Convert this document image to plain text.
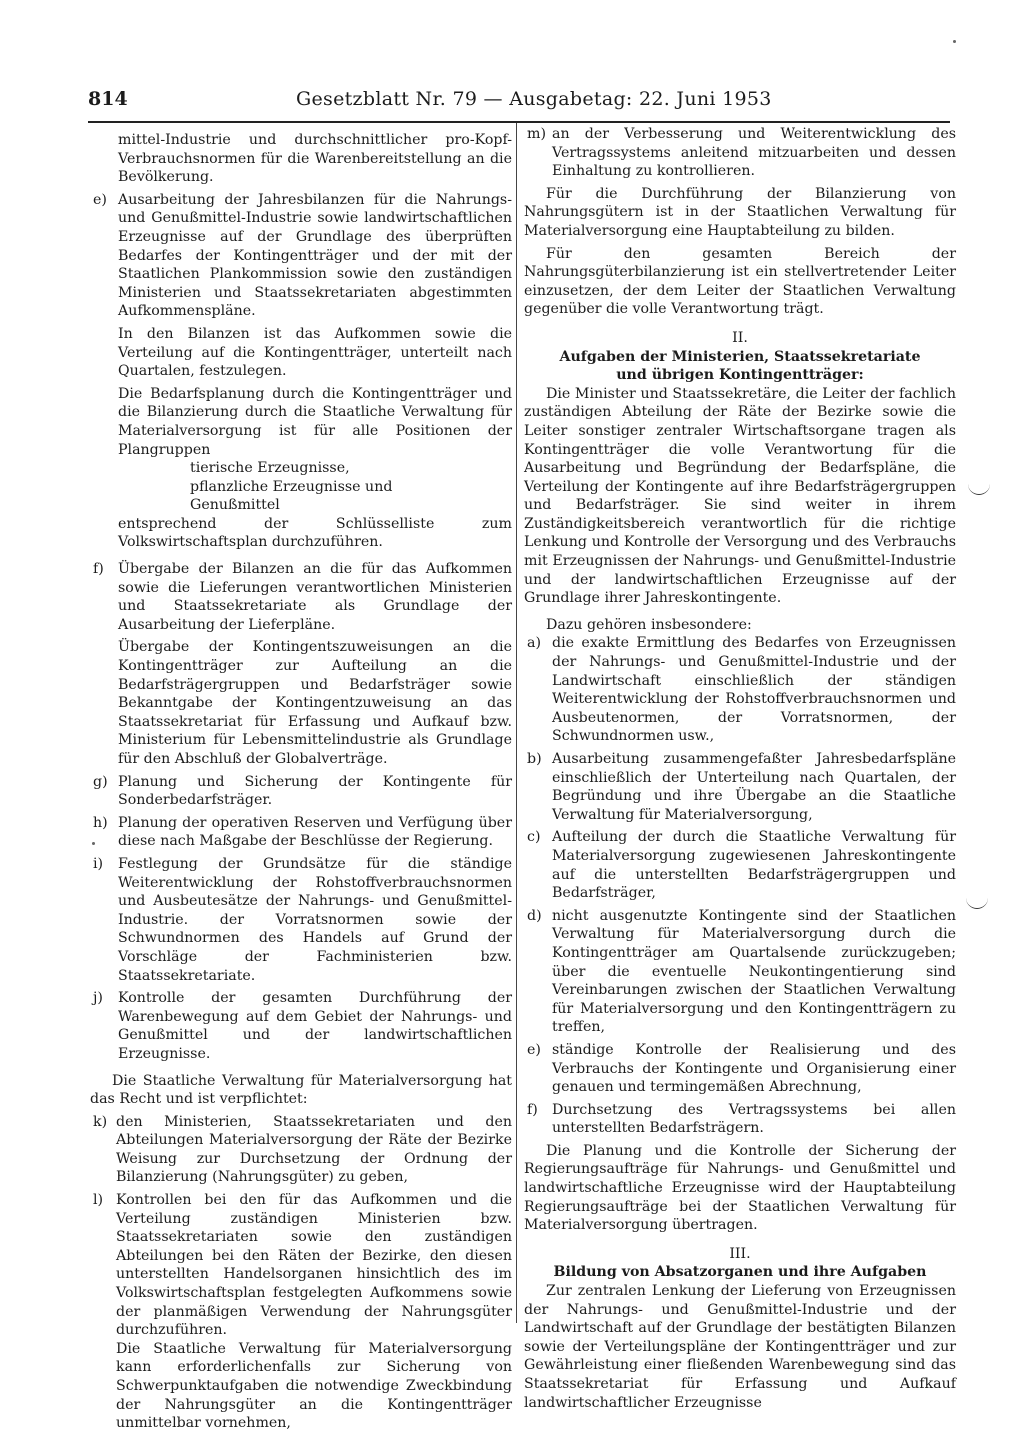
814	Gesetzblatt Nr. 79 — Ausgabetag: 22. Juni 1953

mittel-Industrie und durchschnittlicher pro-Kopf-Verbrauchsnormen für die Warenbereitstellung an die Bevölkerung.

e) Ausarbeitung der Jahresbilanzen für die Nahrungs- und Genußmittel-Industrie sowie landwirtschaftlichen Erzeugnisse auf der Grundlage des überprüften Bedarfes der Kontingentträger und der mit der Staatlichen Plankommission sowie den zuständigen Ministerien und Staatssekretariaten abgestimmten Aufkommenspläne.

In den Bilanzen ist das Aufkommen sowie die Verteilung auf die Kontingentträger, unterteilt nach Quartalen, festzulegen.

Die Bedarfsplanung durch die Kontingentträger und die Bilanzierung durch die Staatliche Verwaltung für Materialversorgung ist für alle Positionen der Plangruppen

tierische Erzeugnisse,

pflanzliche Erzeugnisse und

Genußmittel

entsprechend der Schlüsselliste zum Volkswirtschaftsplan durchzuführen.

f) Übergabe der Bilanzen an die für das Aufkommen sowie die Lieferungen verantwortlichen Ministerien und Staatssekretariate als Grundlage der Ausarbeitung der Lieferpläne.

Übergabe der Kontingentszuweisungen an die Kontingentträger zur Aufteilung an die Bedarfsträgergruppen und Bedarfsträger sowie Bekanntgabe der Kontingentzuweisung an das Staatssekretariat für Erfassung und Aufkauf bzw. Ministerium für Lebensmittelindustrie als Grundlage für den Abschluß der Globalverträge.

g) Planung und Sicherung der Kontingente für Sonderbedarfsträger.

h) Planung der operativen Reserven und Verfügung über diese nach Maßgabe der Beschlüsse der Regierung.

i) Festlegung der Grundsätze für die ständige Weiterentwicklung der Rohstoffverbrauchsnormen und Ausbeutesätze der Nahrungs- und Genußmittel-Industrie. der Vorratsnormen sowie der Schwundnormen des Handels auf Grund der Vorschläge der Fachministerien bzw. Staatssekretariate.

j) Kontrolle der gesamten Durchführung der Warenbewegung auf dem Gebiet der Nahrungs- und Genußmittel und der landwirtschaftlichen Erzeugnisse.

Die Staatliche Verwaltung für Materialversorgung hat das Recht und ist verpflichtet:

k) den Ministerien, Staatssekretariaten und den Abteilungen Materialversorgung der Räte der Bezirke Weisung zur Durchsetzung der Ordnung der Bilanzierung (Nahrungsgüter) zu geben,

l) Kontrollen bei den für das Aufkommen und die Verteilung zuständigen Ministerien bzw. Staatssekretariaten sowie den zuständigen Abteilungen bei den Räten der Bezirke, den diesen unterstellten Handelsorganen hinsichtlich des im Volkswirtschaftsplan festgelegten Aufkommens sowie der planmäßigen Verwendung der Nahrungsgüter durchzuführen.

Die Staatliche Verwaltung für Materialversorgung kann erforderlichenfalls zur Sicherung von Schwerpunktaufgaben die notwendige Zweckbindung der Nahrungsgüter an die Kontingentträger unmittelbar vornehmen,

m) an der Verbesserung und Weiterentwicklung des Vertragssystems anleitend mitzuarbeiten und dessen Einhaltung zu kontrollieren.

Für die Durchführung der Bilanzierung von Nahrungsgütern ist in der Staatlichen Verwaltung für Materialversorgung eine Hauptabteilung zu bilden.

Für den gesamten Bereich der Nahrungsgüterbilanzierung ist ein stellvertretender Leiter einzusetzen, der dem Leiter der Staatlichen Verwaltung gegenüber die volle Verantwortung trägt.

II.

Aufgaben der Ministerien, Staatssekretariate

und übrigen Kontingentträger:

Die Minister und Staatssekretäre, die Leiter der fachlich zuständigen Abteilung der Räte der Bezirke sowie die Leiter sonstiger zentraler Wirtschaftsorgane tragen als Kontingentträger die volle Verantwortung für die Ausarbeitung und Begründung der Bedarfspläne, die Verteilung der Kontingente auf ihre Bedarfsträgergruppen und Bedarfsträger. Sie sind weiter in ihrem Zuständigkeitsbereich verantwortlich für die richtige Lenkung und Kontrolle der Versorgung und des Verbrauchs mit Erzeugnissen der Nahrungs- und Genußmittel-Industrie und der landwirtschaftlichen Erzeugnisse auf der Grundlage ihrer Jahreskontingente.

Dazu gehören insbesondere:

a) die exakte Ermittlung des Bedarfes von Erzeugnissen der Nahrungs- und Genußmittel-Industrie und der Landwirtschaft einschließlich der ständigen Weiterentwicklung der Rohstoffverbrauchsnormen und Ausbeutenormen, der Vorratsnormen, der Schwundnormen usw.,

b) Ausarbeitung zusammengefaßter Jahresbedarfspläne einschließlich der Unterteilung nach Quartalen, der Begründung und ihre Übergabe an die Staatliche Verwaltung für Materialversorgung,

c) Aufteilung der durch die Staatliche Verwaltung für Materialversorgung zugewiesenen Jahreskontingente auf die unterstellten Bedarfsträgergruppen und Bedarfsträger,

d) nicht ausgenutzte Kontingente sind der Staatlichen Verwaltung für Materialversorgung durch die Kontingentträger am Quartalsende zurückzugeben; über die eventuelle Neukontingentierung sind Vereinbarungen zwischen der Staatlichen Verwaltung für Materialversorgung und den Kontingentträgern zu treffen,

e) ständige Kontrolle der Realisierung und des Verbrauchs der Kontingente und Organisierung einer genauen und termingemäßen Abrechnung,

f) Durchsetzung des Vertragssystems bei allen unterstellten Bedarfsträgern.

Die Planung und die Kontrolle der Sicherung der Regierungsaufträge für Nahrungs- und Genußmittel und landwirtschaftliche Erzeugnisse wird der Hauptabteilung Regierungsaufträge bei der Staatlichen Verwaltung für Materialversorgung übertragen.

III.

Bildung von Absatzorganen und ihre Aufgaben

Zur zentralen Lenkung der Lieferung von Erzeugnissen der Nahrungs- und Genußmittel-Industrie und der Landwirtschaft auf der Grundlage der bestätigten Bilanzen sowie der Verteilungspläne der Kontingentträger und zur Gewährleistung einer fließenden Warenbewegung sind das Staatssekretariat für Erfassung und Aufkauf landwirtschaftlicher Erzeugnisse
